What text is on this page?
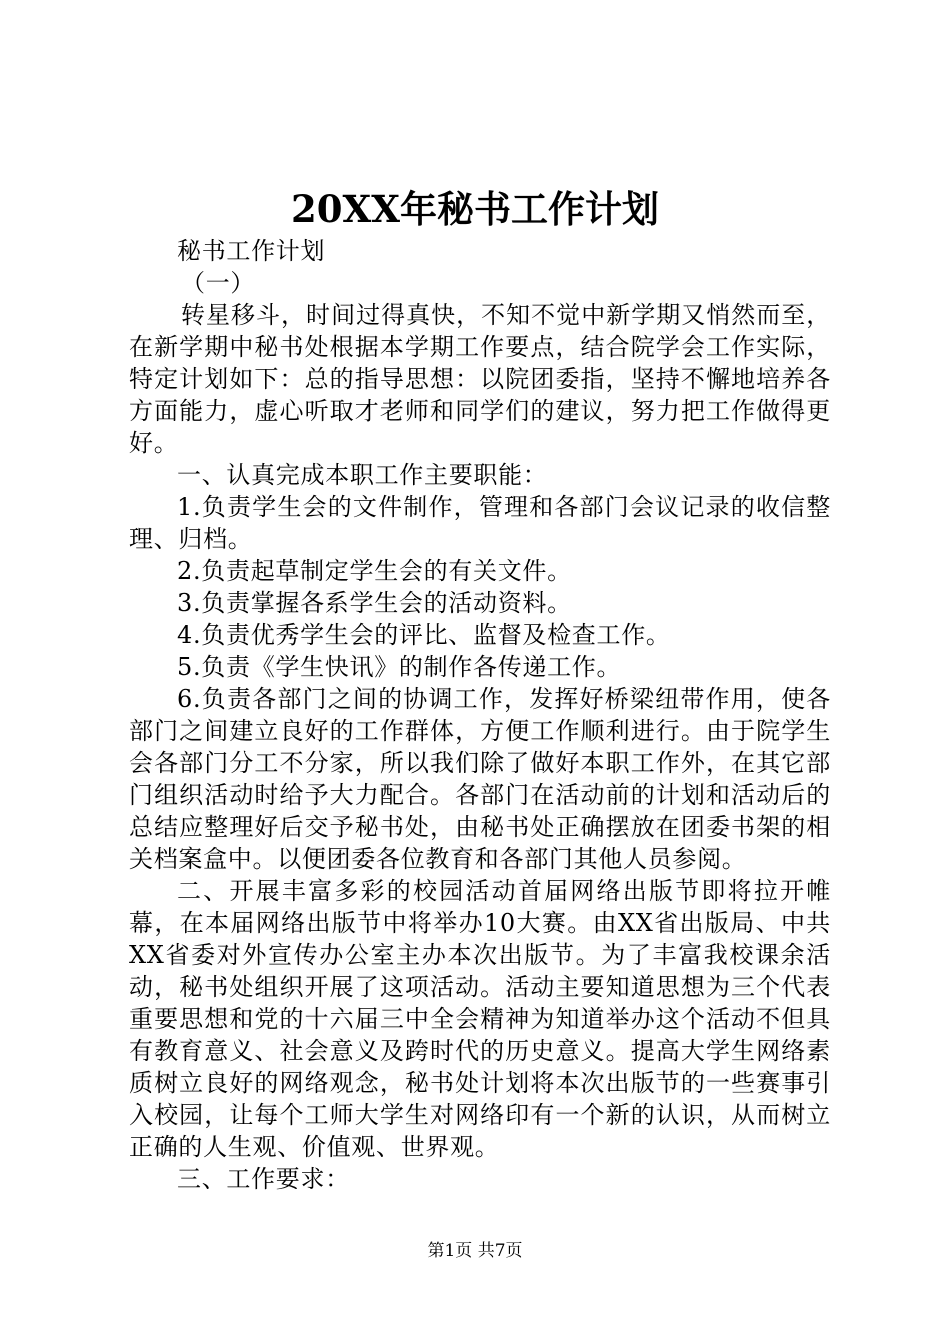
20XX年秘书工作计划

秘书工作计划

（一）

转星移斗，时间过得真快，不知不觉中新学期又悄然而至，在新学期中秘书处根据本学期工作要点，结合院学会工作实际，特定计划如下：总的指导思想：以院团委指，坚持不懈地培养各方面能力，虚心听取才老师和同学们的建议，努力把工作做得更好。

一、认真完成本职工作主要职能：

1.负责学生会的文件制作，管理和各部门会议记录的收信整理、归档。

2.负责起草制定学生会的有关文件。

3.负责掌握各系学生会的活动资料。

4.负责优秀学生会的评比、监督及检查工作。

5.负责《学生快讯》的制作各传递工作。

6.负责各部门之间的协调工作，发挥好桥梁纽带作用，使各部门之间建立良好的工作群体，方便工作顺利进行。由于院学生会各部门分工不分家，所以我们除了做好本职工作外，在其它部门组织活动时给予大力配合。各部门在活动前的计划和活动后的总结应整理好后交予秘书处，由秘书处正确摆放在团委书架的相关档案盒中。以便团委各位教育和各部门其他人员参阅。

二、开展丰富多彩的校园活动首届网络出版节即将拉开帷幕，在本届网络出版节中将举办10大赛。由XX省出版局、中共XX省委对外宣传办公室主办本次出版节。为了丰富我校课余活动，秘书处组织开展了这项活动。活动主要知道思想为三个代表重要思想和党的十六届三中全会精神为知道举办这个活动不但具有教育意义、社会意义及跨时代的历史意义。提高大学生网络素质树立良好的网络观念，秘书处计划将本次出版节的一些赛事引入校园，让每个工师大学生对网络印有一个新的认识，从而树立正确的人生观、价值观、世界观。

三、工作要求：

第1页 共7页
